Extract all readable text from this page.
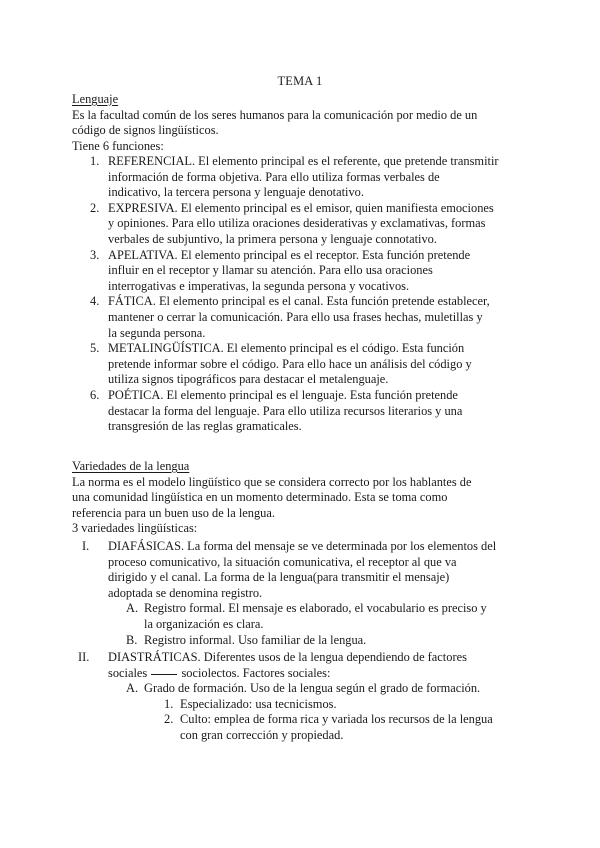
TEMA 1
Lenguaje
Es la facultad común de los seres humanos para la comunicación por medio de un
código de signos lingüísticos.
Tiene 6 funciones:
1. REFERENCIAL. El elemento principal es el referente, que pretende transmitir
información de forma objetiva. Para ello utiliza formas verbales de
indicativo, la tercera persona y lenguaje denotativo.
2. EXPRESIVA. El elemento principal es el emisor, quien manifiesta emociones
y opiniones. Para ello utiliza oraciones desiderativas y exclamativas, formas
verbales de subjuntivo, la primera persona y lenguaje connotativo.
3. APELATIVA. El elemento principal es el receptor. Esta función pretende
influir en el receptor y llamar su atención. Para ello usa oraciones
interrogativas e imperativas, la segunda persona y vocativos.
4. FÁTICA. El elemento principal es el canal. Esta función pretende establecer,
mantener o cerrar la comunicación. Para ello usa frases hechas, muletillas y
la segunda persona.
5. METALINGÜÍSTICA. El elemento principal es el código. Esta función
pretende informar sobre el código. Para ello hace un análisis del código y
utiliza signos tipográficos para destacar el metalenguaje.
6. POÉTICA. El elemento principal es el lenguaje. Esta función pretende
destacar la forma del lenguaje. Para ello utiliza recursos literarios y una
transgresión de las reglas gramaticales.
Variedades de la lengua
La norma es el modelo lingüístico que se considera correcto por los hablantes de
una comunidad lingüística en un momento determinado. Esta se toma como
referencia para un buen uso de la lengua.
3 variedades lingüísticas:
I. DIAFÁSICAS. La forma del mensaje se ve determinada por los elementos del
proceso comunicativo, la situación comunicativa, el receptor al que va
dirigido y el canal. La forma de la lengua(para transmitir el mensaje)
adoptada se denomina registro.
A. Registro formal. El mensaje es elaborado, el vocabulario es preciso y
la organización es clara.
B. Registro informal. Uso familiar de la lengua.
II. DIASTRÁTICAS. Diferentes usos de la lengua dependiendo de factores
sociales	sociolectos. Factores sociales:
A. Grado de formación. Uso de la lengua según el grado de formación.
1. Especializado: usa tecnicismos.
2. Culto: emplea de forma rica y variada los recursos de la lengua
con gran corrección y propiedad.
